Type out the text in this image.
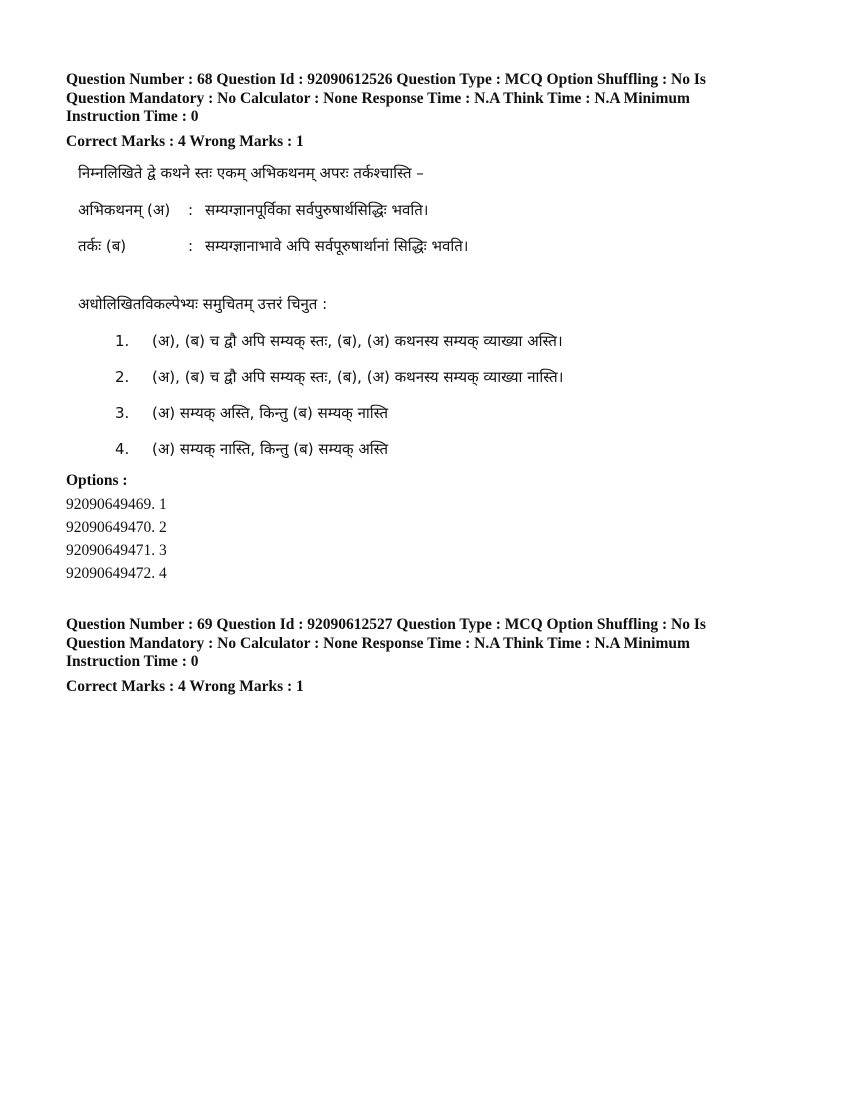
Question Number : 68 Question Id : 92090612526 Question Type : MCQ Option Shuffling : No Is
Question Mandatory : No Calculator : None Response Time : N.A Think Time : N.A Minimum
Instruction Time : 0
Correct Marks : 4 Wrong Marks : 1
निम्नलिखिते द्वे कथने स्तः एकम् अभिकथनम् अपरः तर्कश्चास्ति –
अभिकथनम् (अ) : सम्यग्ज्ञानपूर्विका सर्वपुरुषार्थसिद्धिः भवति।
तर्कः (ब)	: सम्यग्ज्ञानाभावे अपि सर्वपूरुषार्थानां सिद्धिः भवति।
अधोलिखितविकल्पेभ्यः समुचितम् उत्तरं चिनुत :
1. (अ), (ब) च द्वौ अपि सम्यक् स्तः, (ब), (अ) कथनस्य सम्यक् व्याख्या अस्ति।
2. (अ), (ब) च द्वौ अपि सम्यक् स्तः, (ब), (अ) कथनस्य सम्यक् व्याख्या नास्ति।
3. (अ) सम्यक् अस्ति, किन्तु (ब) सम्यक् नास्ति
4. (अ) सम्यक् नास्ति, किन्तु (ब) सम्यक् अस्ति
Options :
92090649469. 1
92090649470. 2
92090649471. 3
92090649472. 4
Question Number : 69 Question Id : 92090612527 Question Type : MCQ Option Shuffling : No Is
Question Mandatory : No Calculator : None Response Time : N.A Think Time : N.A Minimum
Instruction Time : 0
Correct Marks : 4 Wrong Marks : 1
